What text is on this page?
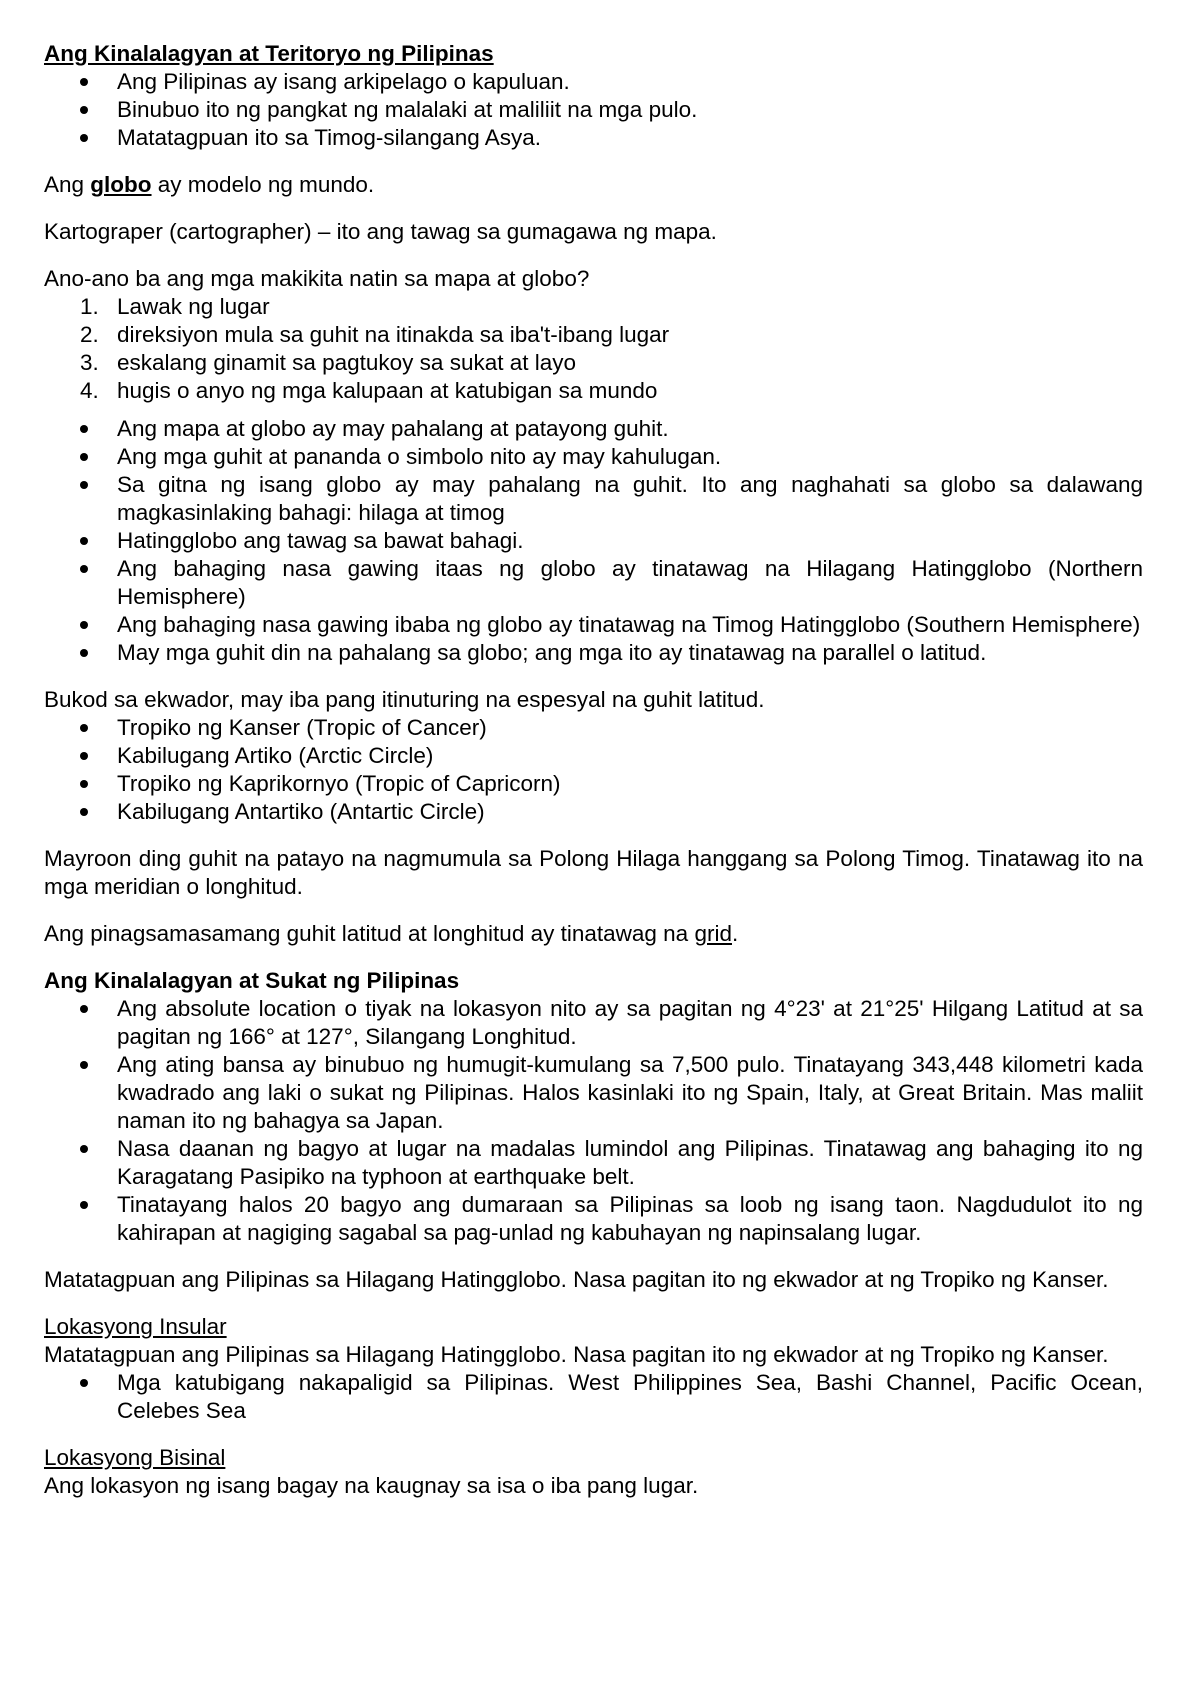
Ang Kinalalagyan at Teritoryo ng Pilipinas

Ang Pilipinas ay isang arkipelago o kapuluan.
Binubuo ito ng pangkat ng malalaki at maliliit na mga pulo.
Matatagpuan ito sa Timog-silangang Asya.

Ang globo ay modelo ng mundo.

Kartograper (cartographer) – ito ang tawag sa gumagawa ng mapa.

Ano-ano ba ang mga makikita natin sa mapa at globo?

Lawak ng lugar
direksiyon mula sa guhit na itinakda sa iba't-ibang lugar
eskalang ginamit sa pagtukoy sa sukat at layo
hugis o anyo ng mga kalupaan at katubigan sa mundo
Ang mapa at globo ay may pahalang at patayong guhit.
Ang mga guhit at pananda o simbolo nito ay may kahulugan.
Sa gitna ng isang globo ay may pahalang na guhit. Ito ang naghahati sa globo sa dalawang magkasinlaking bahagi: hilaga at timog
Hatingglobo ang tawag sa bawat bahagi.
Ang bahaging nasa gawing itaas ng globo ay tinatawag na Hilagang Hatingglobo (Northern Hemisphere)
Ang bahaging nasa gawing ibaba ng globo ay tinatawag na Timog Hatingglobo (Southern Hemisphere)
May mga guhit din na pahalang sa globo; ang mga ito ay tinatawag na parallel o latitud.

Bukod sa ekwador, may iba pang itinuturing na espesyal na guhit latitud.

Tropiko ng Kanser (Tropic of Cancer)
Kabilugang Artiko (Arctic Circle)
Tropiko ng Kaprikornyo (Tropic of Capricorn)
Kabilugang Antartiko (Antartic Circle)

Mayroon ding guhit na patayo na nagmumula sa Polong Hilaga hanggang sa Polong Timog. Tinatawag ito na mga meridian o longhitud.

Ang pinagsamasamang guhit latitud at longhitud ay tinatawag na grid.

Ang Kinalalagyan at Sukat ng Pilipinas

Ang absolute location o tiyak na lokasyon nito ay sa pagitan ng 4°23' at 21°25' Hilgang Latitud at sa pagitan ng 166° at 127°, Silangang Longhitud.
Ang ating bansa ay binubuo ng humugit-kumulang sa 7,500 pulo. Tinatayang 343,448 kilometri kada kwadrado ang laki o sukat ng Pilipinas. Halos kasinlaki ito ng Spain, Italy, at Great Britain. Mas maliit naman ito ng bahagya sa Japan.
Nasa daanan ng bagyo at lugar na madalas lumindol ang Pilipinas. Tinatawag ang bahaging ito ng Karagatang Pasipiko na typhoon at earthquake belt.
Tinatayang halos 20 bagyo ang dumaraan sa Pilipinas sa loob ng isang taon. Nagdudulot ito ng kahirapan at nagiging sagabal sa pag-unlad ng kabuhayan ng napinsalang lugar.

Matatagpuan ang Pilipinas sa Hilagang Hatingglobo. Nasa pagitan ito ng ekwador at ng Tropiko ng Kanser.

Lokasyong Insular

Matatagpuan ang Pilipinas sa Hilagang Hatingglobo. Nasa pagitan ito ng ekwador at ng Tropiko ng Kanser.

Mga katubigang nakapaligid sa Pilipinas. West Philippines Sea, Bashi Channel, Pacific Ocean, Celebes Sea

Lokasyong Bisinal

Ang lokasyon ng isang bagay na kaugnay sa isa o iba pang lugar.
